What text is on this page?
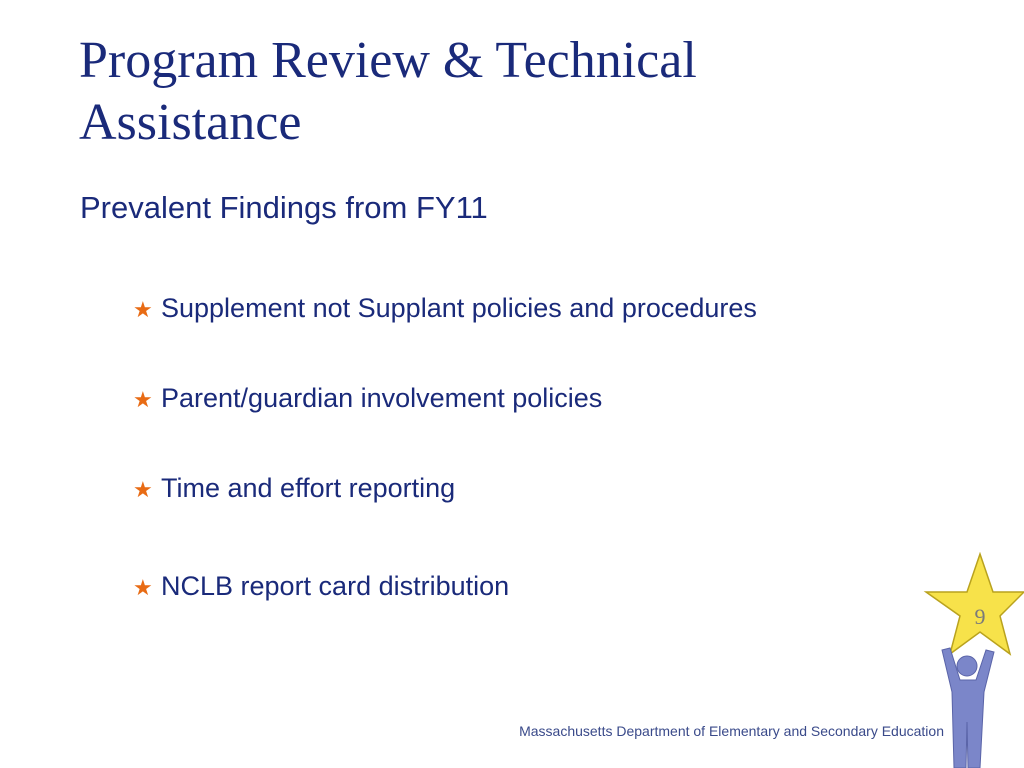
Program Review & Technical Assistance
Prevalent Findings from FY11
★ Supplement not Supplant policies and procedures
★ Parent/guardian involvement policies
★ Time and effort reporting
★ NCLB report card distribution
9
Massachusetts Department of Elementary and Secondary Education
